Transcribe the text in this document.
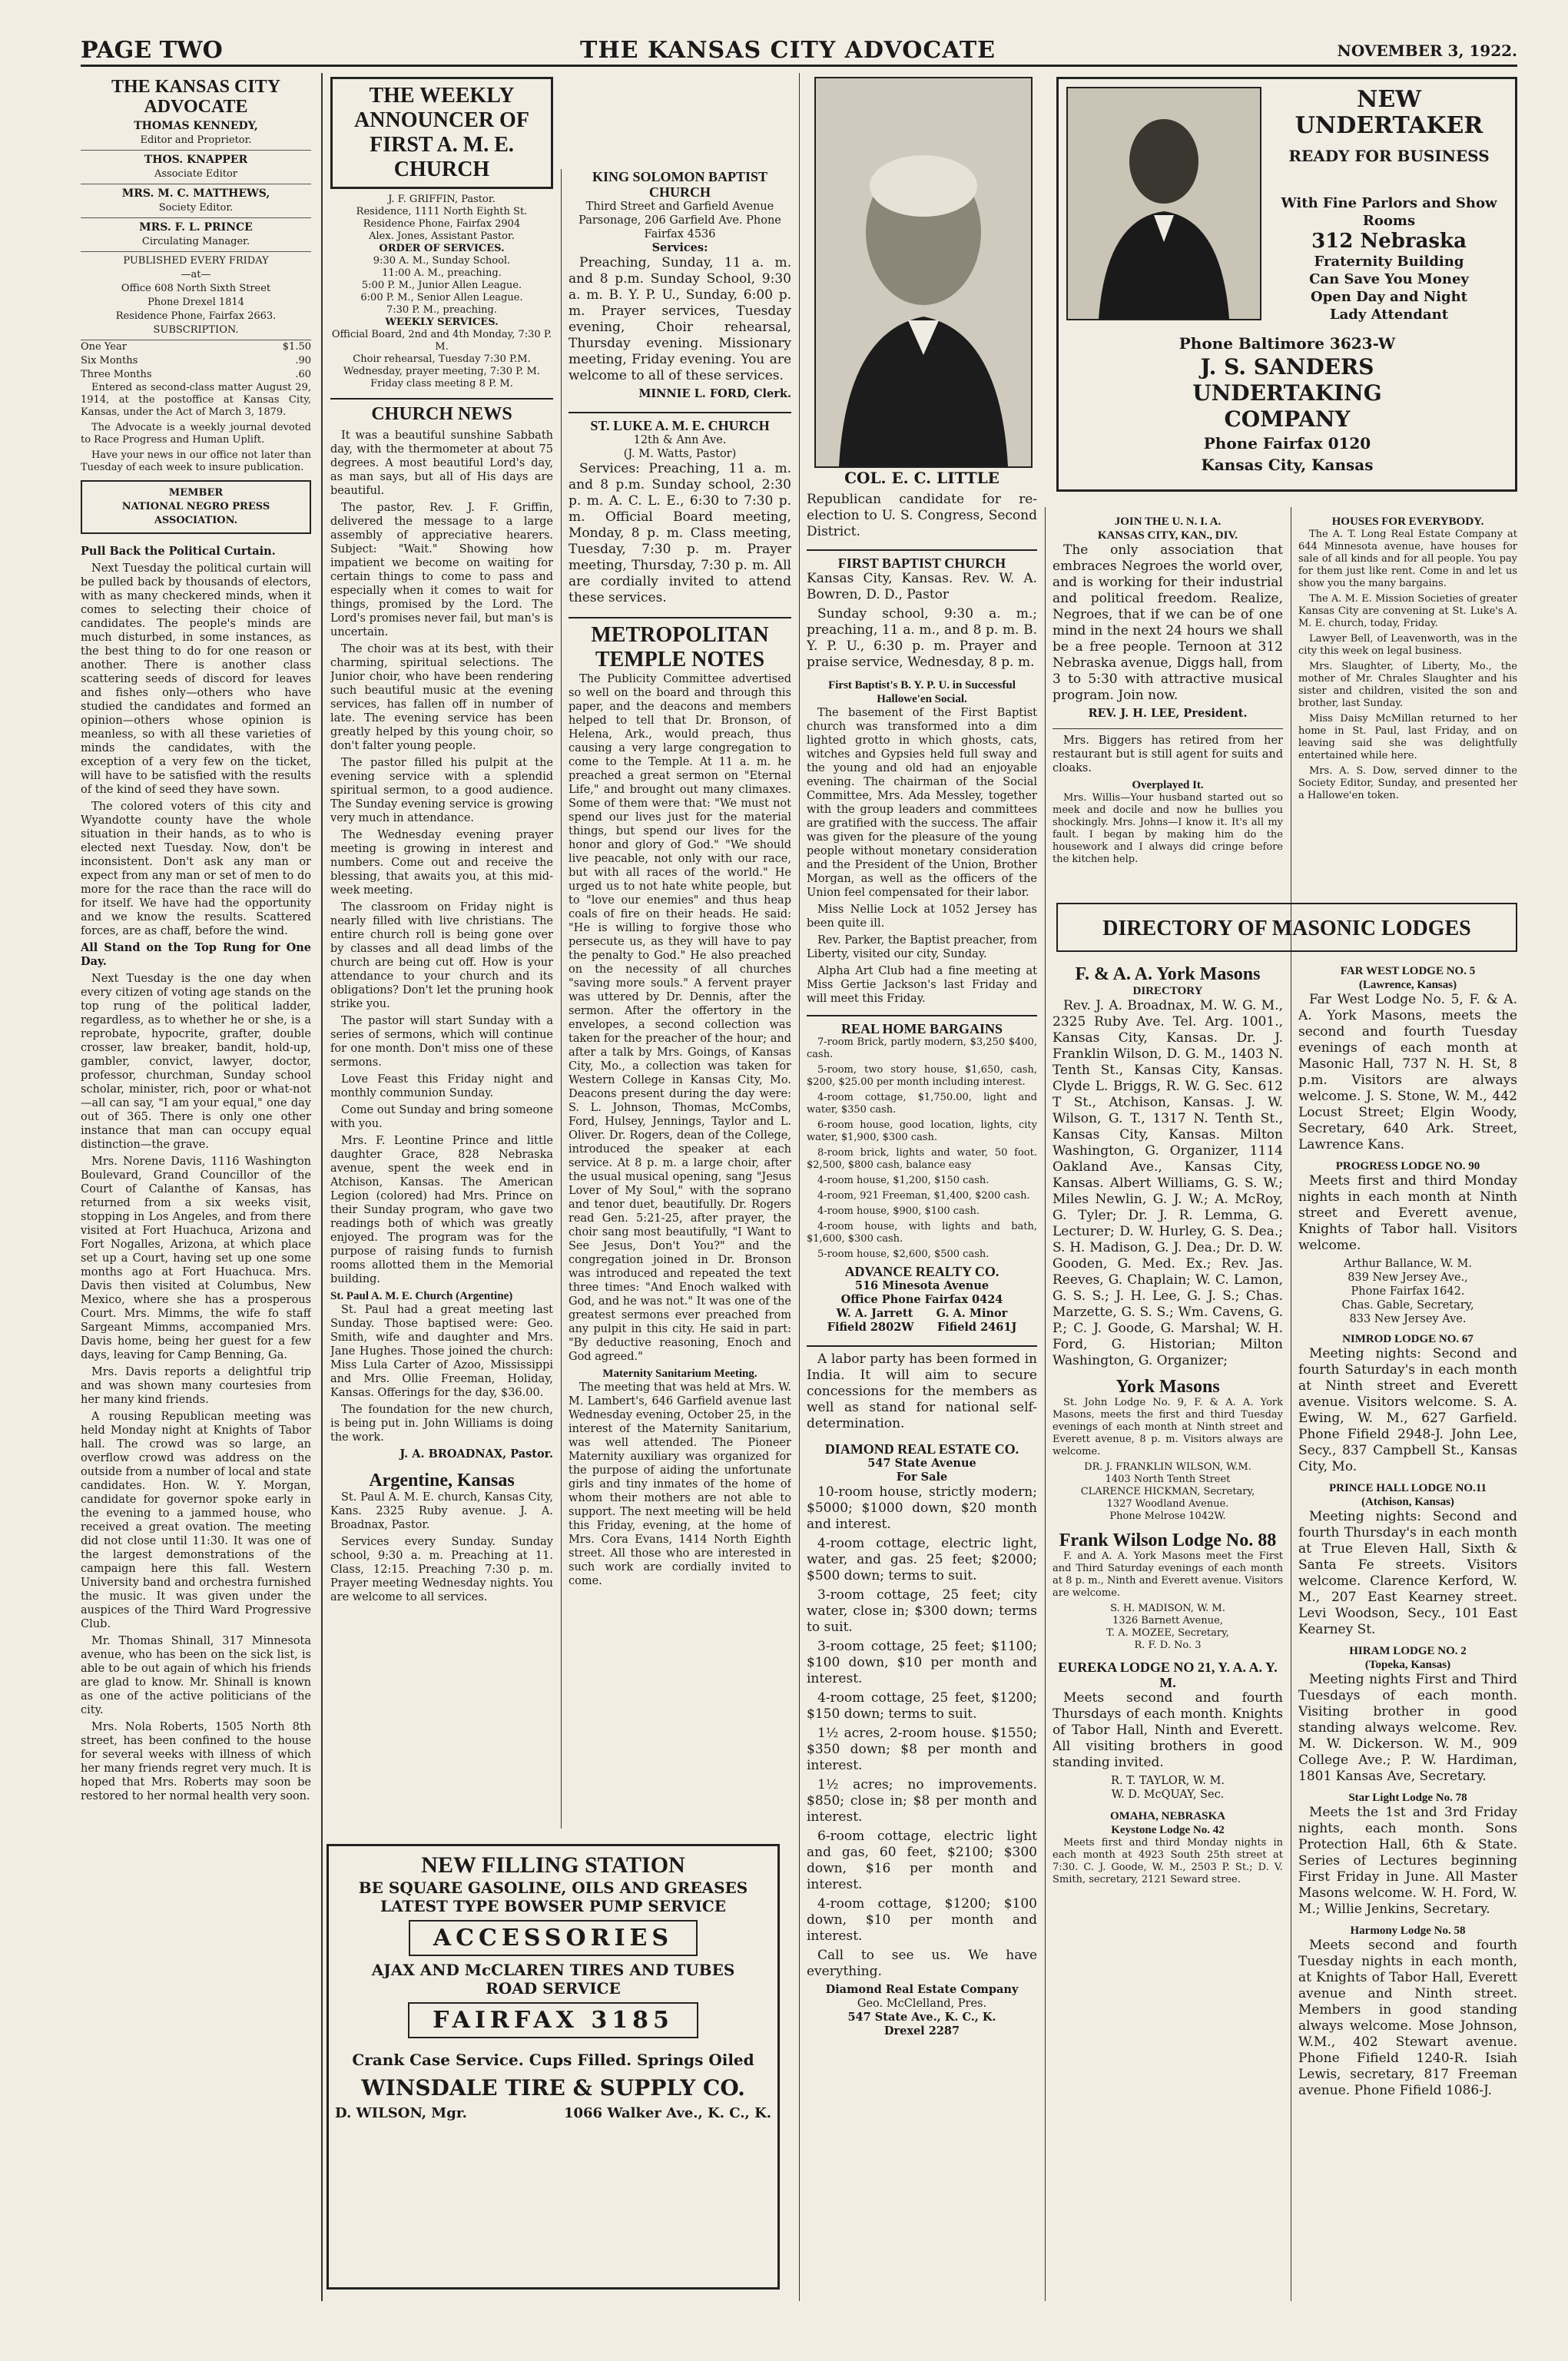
PAGE TWO	THE KANSAS CITY ADVOCATE	NOVEMBER 3, 1922.
THE KANSAS CITY ADVOCATE
THOMAS KENNEDY,
Editor and Proprietor.
THOS. KNAPPER
Associate Editor
MRS. M. C. MATTHEWS,
Society Editor.
MRS. F. L. PRINCE
Circulating Manager.
PUBLISHED EVERY FRIDAY
—at—
Office 608 North Sixth Street
Phone Drexel 1814
Residence Phone, Fairfax 2663.
SUBSCRIPTION.
One Year	$1.50
Six Months	.90
Three Months	.60

Entered as second-class matter August 29, 1914, at the postoffice at Kansas City, Kansas, under the Act of March 3, 1879.

The Advocate is a weekly journal devoted to Race Progress and Human Uplift.

Have your news in our office not later than Tuesday of each week to insure publication.

MEMBER
NATIONAL NEGRO PRESS ASSOCIATION.

Pull Back the Political Curtain.

Next Tuesday the political curtain will be pulled back by thousands of electors, with as many checkered minds, when it comes to selecting their choice of candidates. The people's minds are much disturbed, in some instances, as the best thing to do for one reason or another. There is another class scattering seeds of discord for leaves and fishes only—others who have studied the candidates and formed an opinion—others whose opinion is meanless, so with all these varieties of minds the candidates, with the exception of a very few on the ticket, will have to be satisfied with the results of the kind of seed they have sown.

The colored voters of this city and Wyandotte county have the whole situation in their hands, as to who is elected next Tuesday. Now, don't be inconsistent. Don't ask any man or expect from any man or set of men to do more for the race than the race will do for itself. We have had the opportunity and we know the results. Scattered forces, are as chaff, before the wind.

All Stand on the Top Rung for One Day.

Next Tuesday is the one day when every citizen of voting age stands on the top rung of the political ladder, regardless, as to whether he or she, is a reprobate, hypocrite, grafter, double crosser, law breaker, bandit, hold-up, gambler, convict, lawyer, doctor, professor, churchman, Sunday school scholar, minister, rich, poor or what-not—all can say, "I am your equal," one day out of 365. There is only one other instance that man can occupy equal distinction—the grave.

Mrs. Norene Davis, 1116 Washington Boulevard, Grand Councillor of the Court of Calanthe of Kansas, has returned from a six weeks visit, stopping in Los Angeles, and from there visited at Fort Huachuca, Arizona and Fort Nogalles, Arizona, at which place set up a Court, having set up one some months ago at Fort Huachuca. Mrs. Davis then visited at Columbus, New Mexico, where she has a prosperous Court. Mrs. Mimms, the wife fo staff Sargeant Mimms, accompanied Mrs. Davis home, being her guest for a few days, leaving for Camp Benning, Ga.

Mrs. Davis reports a delightful trip and was shown many courtesies from her many kind friends.

A rousing Republican meeting was held Monday night at Knights of Tabor hall. The crowd was so large, an overflow crowd was address on the outside from a number of local and state candidates. Hon. W. Y. Morgan, candidate for governor spoke early in the evening to a jammed house, who received a great ovation. The meeting did not close until 11:30. It was one of the largest demonstrations of the campaign here this fall. Western University band and orchestra furnished the music. It was given under the auspices of the Third Ward Progressive Club.

Mr. Thomas Shinall, 317 Minnesota avenue, who has been on the sick list, is able to be out again of which his friends are glad to know. Mr. Shinall is known as one of the active politicians of the city.

Mrs. Nola Roberts, 1505 North 8th street, has been confined to the house for several weeks with illness of which her many friends regret very much. It is hoped that Mrs. Roberts may soon be restored to her normal health very soon.

THE WEEKLY ANNOUNCER OF FIRST A. M. E. CHURCH
J. F. GRIFFIN, Pastor.
Residence, 1111 North Eighth St.
Residence Phone, Fairfax 2904
Alex. Jones, Assistant Pastor.
ORDER OF SERVICES.
9:30 A. M., Sunday School.
11:00 A. M., preaching.
5:00 P. M., Junior Allen League.
6:00 P. M., Senior Allen League.
7:30 P. M., preaching.
WEEKLY SERVICES.
Official Board, 2nd and 4th Monday, 7:30 P. M.
Choir rehearsal, Tuesday 7:30 P.M.
Wednesday, prayer meeting, 7:30 P. M. Friday class meeting 8 P. M.
CHURCH NEWS

It was a beautiful sunshine Sabbath day, with the thermometer at about 75 degrees. A most beautiful Lord's day, as man says, but all of His days are beautiful.

The pastor, Rev. J. F. Griffin, delivered the message to a large assembly of appreciative hearers. Subject: "Wait." Showing how impatient we become on waiting for certain things to come to pass and especially when it comes to wait for things, promised by the Lord. The Lord's promises never fail, but man's is uncertain.

The choir was at its best, with their charming, spiritual selections. The Junior choir, who have been rendering such beautiful music at the evening services, has fallen off in number of late. The evening service has been greatly helped by this young choir, so don't falter young people.

The pastor filled his pulpit at the evening service with a splendid spiritual sermon, to a good audience. The Sunday evening service is growing very much in attendance.

The Wednesday evening prayer meeting is growing in interest and numbers. Come out and receive the blessing, that awaits you, at this mid-week meeting.

The classroom on Friday night is nearly filled with live christians. The entire church roll is being gone over by classes and all dead limbs of the church are being cut off. How is your attendance to your church and its obligations? Don't let the pruning hook strike you.

The pastor will start Sunday with a series of sermons, which will continue for one month. Don't miss one of these sermons.

Love Feast this Friday night and monthly communion Sunday.

Come out Sunday and bring someone with you.

Mrs. F. Leontine Prince and little daughter Grace, 828 Nebraska avenue, spent the week end in Atchison, Kansas. The American Legion (colored) had Mrs. Prince on their Sunday program, who gave two readings both of which was greatly enjoyed. The program was for the purpose of raising funds to furnish rooms allotted them in the Memorial building.

St. Paul A. M. E. Church (Argentine)

St. Paul had a great meeting last Sunday. Those baptised were: Geo. Smith, wife and daughter and Mrs. Jane Hughes. Those joined the church: Miss Lula Carter of Azoo, Mississippi and Mrs. Ollie Freeman, Holiday, Kansas. Offerings for the day, $36.00.

The foundation for the new church, is being put in. John Williams is doing the work.

J. A. BROADNAX, Pastor.
Argentine, Kansas

St. Paul A. M. E. church, Kansas City, Kans. 2325 Ruby avenue. J. A. Broadnax, Pastor.

Services every Sunday. Sunday school, 9:30 a. m. Preaching at 11. Class, 12:15. Preaching 7:30 p. m. Prayer meeting Wednesday nights. You are welcome to all services.

KING SOLOMON BAPTIST CHURCH
Third Street and Garfield Avenue Parsonage, 206 Garfield Ave. Phone Fairfax 4536
Services:

Preaching, Sunday, 11 a. m. and 8 p.m. Sunday School, 9:30 a. m. B. Y. P. U., Sunday, 6:00 p. m. Prayer services, Tuesday evening, Choir rehearsal, Thursday evening. Missionary meeting, Friday evening. You are welcome to all of these services.

MINNIE L. FORD, Clerk.
ST. LUKE A. M. E. CHURCH
12th & Ann Ave.
(J. M. Watts, Pastor)

Services: Preaching, 11 a. m. and 8 p.m. Sunday school, 2:30 p. m. A. C. L. E., 6:30 to 7:30 p. m. Official Board meeting, Monday, 8 p. m. Class meeting, Tuesday, 7:30 p. m. Prayer meeting, Thursday, 7:30 p. m. All are cordially invited to attend these services.

METROPOLITAN TEMPLE NOTES

The Publicity Committee advertised so well on the board and through this paper, and the deacons and members helped to tell that Dr. Bronson, of Helena, Ark., would preach, thus causing a very large congregation to come to the Temple. At 11 a. m. he preached a great sermon on "Eternal Life," and brought out many climaxes. Some of them were that: "We must not spend our lives just for the material things, but spend our lives for the honor and glory of God." "We should live peacable, not only with our race, but with all races of the world." He urged us to not hate white people, but to "love our enemies" and thus heap coals of fire on their heads. He said: "He is willing to forgive those who persecute us, as they will have to pay the penalty to God." He also preached on the necessity of all churches "saving more souls." A fervent prayer was uttered by Dr. Dennis, after the sermon. After the offertory in the envelopes, a second collection was taken for the preacher of the hour; and after a talk by Mrs. Goings, of Kansas City, Mo., a collection was taken for Western College in Kansas City, Mo. Deacons present during the day were: S. L. Johnson, Thomas, McCombs, Ford, Hulsey, Jennings, Taylor and L. Oliver. Dr. Rogers, dean of the College, introduced the speaker at each service. At 8 p. m. a large choir, after the usual musical opening, sang "Jesus Lover of My Soul," with the soprano and tenor duet, beautifully. Dr. Rogers read Gen. 5:21-25, after prayer, the choir sang most beautifully, "I Want to See Jesus, Don't You?" and the congregation joined in Dr. Bronson was introduced and repeated the text three times: "And Enoch walked with God, and he was not." It was one of the greatest sermons ever preached from any pulpit in this city. He said in part: "By deductive reasoning, Enoch and God agreed."

Maternity Sanitarium Meeting.

The meeting that was held at Mrs. W. M. Lambert's, 646 Garfield avenue last Wednesday evening, October 25, in the interest of the Maternity Sanitarium, was well attended. The Pioneer Maternity auxiliary was organized for the purpose of aiding the unfortunate girls and tiny inmates of the home of whom their mothers are not able to support. The next meeting will be held this Friday, evening, at the home of Mrs. Cora Evans, 1414 North Eighth street. All those who are interested in such work are cordially invited to come.

NEW FILLING STATION
BE SQUARE GASOLINE, OILS AND GREASES
LATEST TYPE BOWSER PUMP SERVICE
ACCESSORIES
AJAX AND McCLAREN TIRES AND TUBES
ROAD SERVICE
FAIRFAX 3185
Crank Case Service. Cups Filled. Springs Oiled
WINSDALE TIRE & SUPPLY CO.
D. WILSON, Mgr.	1066 Walker Ave., K. C., K.
COL. E. C. LITTLE

Republican candidate for re-election to U. S. Congress, Second District.

FIRST BAPTIST CHURCH

Kansas City, Kansas. Rev. W. A. Bowren, D. D., Pastor

Sunday school, 9:30 a. m.; preaching, 11 a. m., and 8 p. m. B. Y. P. U., 6:30 p. m. Prayer and praise service, Wednesday, 8 p. m.

First Baptist's B. Y. P. U. in Successful Hallowe'en Social.

The basement of the First Baptist church was transformed into a dim lighted grotto in which ghosts, cats, witches and Gypsies held full sway and the young and old had an enjoyable evening. The chairman of the Social Committee, Mrs. Ada Messley, together with the group leaders and committees are gratified with the success. The affair was given for the pleasure of the young people without monetary consideration and the President of the Union, Brother Morgan, as well as the officers of the Union feel compensated for their labor.

Miss Nellie Lock at 1052 Jersey has been quite ill.

Rev. Parker, the Baptist preacher, from Liberty, visited our city, Sunday.

Alpha Art Club had a fine meeting at Miss Gertie Jackson's last Friday and will meet this Friday.

REAL HOME BARGAINS

7-room Brick, partly modern, $3,250 $400, cash.

5-room, two story house, $1,650, cash, $200, $25.00 per month including interest.

4-room cottage, $1,750.00, light and water, $350 cash.

6-room house, good location, lights, city water, $1,900, $300 cash.

8-room brick, lights and water, 50 foot. $2,500, $800 cash, balance easy

4-room house, $1,200, $150 cash.

4-room, 921 Freeman, $1,400, $200 cash.

4-room house, $900, $100 cash.

4-room house, with lights and bath, $1,600, $300 cash.

5-room house, $2,600, $500 cash.

ADVANCE REALTY CO.
516 Minesota Avenue
Office Phone Fairfax 0424
W. A. Jarrett      G. A. Minor
Fifield 2802W      Fifield 2461J

A labor party has been formed in India. It will aim to secure concessions for the members as well as stand for national self-determination.

DIAMOND REAL ESTATE CO.
547 State Avenue
For Sale

10-room house, strictly modern; $5000; $1000 down, $20 month and interest.

4-room cottage, electric light, water, and gas. 25 feet; $2000; $500 down; terms to suit.

3-room cottage, 25 feet; city water, close in; $300 down; terms to suit.

3-room cottage, 25 feet; $1100; $100 down, $10 per month and interest.

4-room cottage, 25 feet, $1200; $150 down; terms to suit.

1½ acres, 2-room house. $1550; $350 down; $8 per month and interest.

1½ acres; no improvements. $850; close in; $8 per month and interest.

6-room cottage, electric light and gas, 60 feet, $2100; $300 down, $16 per month and interest.

4-room cottage, $1200; $100 down, $10 per month and interest.

Call to see us. We have everything.

Diamond Real Estate Company
Geo. McClelland, Pres.
547 State Ave., K. C., K.
Drexel 2287
NEW UNDERTAKER
READY FOR BUSINESS
With Fine Parlors and Show Rooms
312 Nebraska
Fraternity Building
Can Save You Money
Open Day and Night
Lady Attendant
Phone Baltimore 3623-W
J. S. SANDERS
UNDERTAKING
COMPANY
Phone Fairfax 0120
Kansas City, Kansas
JOIN THE U. N. I. A.
KANSAS CITY, KAN., DIV.

The only association that embraces Negroes the world over, and is working for their industrial and political freedom. Realize, Negroes, that if we can be of one mind in the next 24 hours we shall be a free people. Ternoon at 312 Nebraska avenue, Diggs hall, from 3 to 5:30 with attractive musical program. Join now.

REV. J. H. LEE, President.

Mrs. Biggers has retired from her restaurant but is still agent for suits and cloaks.

Overplayed It.

Mrs. Willis—Your husband started out so meek and docile and now he bullies you shockingly. Mrs. Johns—I know it. It's all my fault. I began by making him do the housework and I always did cringe before the kitchen help.

HOUSES FOR EVERYBODY.

The A. T. Long Real Estate Company at 644 Minnesota avenue, have houses for sale of all kinds and for all people. You pay for them just like rent. Come in and let us show you the many bargains.

The A. M. E. Mission Societies of greater Kansas City are convening at St. Luke's A. M. E. church, today, Friday.

Lawyer Bell, of Leavenworth, was in the city this week on legal business.

Mrs. Slaughter, of Liberty, Mo., the mother of Mr. Chrales Slaughter and his sister and children, visited the son and brother, last Sunday.

Miss Daisy McMillan returned to her home in St. Paul, last Friday, and on leaving said she was delightfully entertained while here.

Mrs. A. S. Dow, served dinner to the Society Editor, Sunday, and presented her a Hallowe'en token.

DIRECTORY OF MASONIC LODGES
F. & A. A. York Masons
DIRECTORY

Rev. J. A. Broadnax, M. W. G. M., 2325 Ruby Ave. Tel. Arg. 1001., Kansas City, Kansas. Dr. J. Franklin Wilson, D. G. M., 1403 N. Tenth St., Kansas City, Kansas. Clyde L. Briggs, R. W. G. Sec. 612 T St., Atchison, Kansas. J. W. Wilson, G. T., 1317 N. Tenth St., Kansas City, Kansas. Milton Washington, G. Organizer, 1114 Oakland Ave., Kansas City, Kansas. Albert Williams, G. S. W.; Miles Newlin, G. J. W.; A. McRoy, G. Tyler; Dr. J. R. Lemma, G. Lecturer; D. W. Hurley, G. S. Dea.; S. H. Madison, G. J. Dea.; Dr. D. W. Gooden, G. Med. Ex.; Rev. Jas. Reeves, G. Chaplain; W. C. Lamon, G. S. S.; J. H. Lee, G. J. S.; Chas. Marzette, G. S. S.; Wm. Cavens, G. P.; C. J. Goode, G. Marshal; W. H. Ford, G. Historian; Milton Washington, G. Organizer;

York Masons

St. John Lodge No. 9, F. & A. A. York Masons, meets the first and third Tuesday evenings of each month at Ninth street and Everett avenue, 8 p. m. Visitors always are welcome.

DR. J. FRANKLIN WILSON, W.M.
1403 North Tenth Street
CLARENCE HICKMAN, Secretary,
1327 Woodland Avenue.
Phone Melrose 1042W.
Frank Wilson Lodge No. 88

F. and A. A. York Masons meet the First and Third Saturday evenings of each month at 8 p. m., Ninth and Everett avenue. Visitors are welcome.

S. H. MADISON, W. M.
1326 Barnett Avenue,
T. A. MOZEE, Secretary,
R. F. D. No. 3
EUREKA LODGE NO 21, Y. A. A. Y. M.

Meets second and fourth Thursdays of each month. Knights of Tabor Hall, Ninth and Everett. All visiting brothers in good standing invited.

R. T. TAYLOR, W. M.
W. D. McQUAY, Sec.
OMAHA, NEBRASKA
Keystone Lodge No. 42

Meets first and third Monday nights in each month at 4923 South 25th street at 7:30. C. J. Goode, W. M., 2503 P. St.; D. V. Smith, secretary, 2121 Seward stree.

FAR WEST LODGE NO. 5
(Lawrence, Kansas)

Far West Lodge No. 5, F. & A. A. York Masons, meets the second and fourth Tuesday evenings of each month at Masonic Hall, 737 N. H. St, 8 p.m. Visitors are always welcome. J. S. Stone, W. M., 442 Locust Street; Elgin Woody, Secretary, 640 Ark. Street, Lawrence Kans.

PROGRESS LODGE NO. 90

Meets first and third Monday nights in each month at Ninth street and Everett avenue, Knights of Tabor hall. Visitors welcome.

Arthur Ballance, W. M.
839 New Jersey Ave.,
Phone Fairfax 1642.
Chas. Gable, Secretary,
833 New Jersey Ave.
NIMROD LODGE NO. 67

Meeting nights: Second and fourth Saturday's in each month at Ninth street and Everett avenue. Visitors welcome. S. A. Ewing, W. M., 627 Garfield. Phone Fifield 2948-J. John Lee, Secy., 837 Campbell St., Kansas City, Mo.

PRINCE HALL LODGE NO.11
(Atchison, Kansas)

Meeting nights: Second and fourth Thursday's in each month at True Eleven Hall, Sixth & Santa Fe streets. Visitors welcome. Clarence Kerford, W. M., 207 East Kearney street. Levi Woodson, Secy., 101 East Kearney St.

HIRAM LODGE NO. 2
(Topeka, Kansas)

Meeting nights First and Third Tuesdays of each month. Visiting brother in good standing always welcome. Rev. M. W. Dickerson. W. M., 909 College Ave.; P. W. Hardiman, 1801 Kansas Ave, Secretary.

Star Light Lodge No. 78

Meets the 1st and 3rd Friday nights, each month. Sons Protection Hall, 6th & State. Series of Lectures beginning First Friday in June. All Master Masons welcome. W. H. Ford, W. M.; Willie Jenkins, Secretary.

Harmony Lodge No. 58

Meets second and fourth Tuesday nights in each month, at Knights of Tabor Hall, Everett avenue and Ninth street. Members in good standing always welcome. Mose Johnson, W.M., 402 Stewart avenue. Phone Fifield 1240-R. Isiah Lewis, secretary, 817 Freeman avenue. Phone Fifield 1086-J.
